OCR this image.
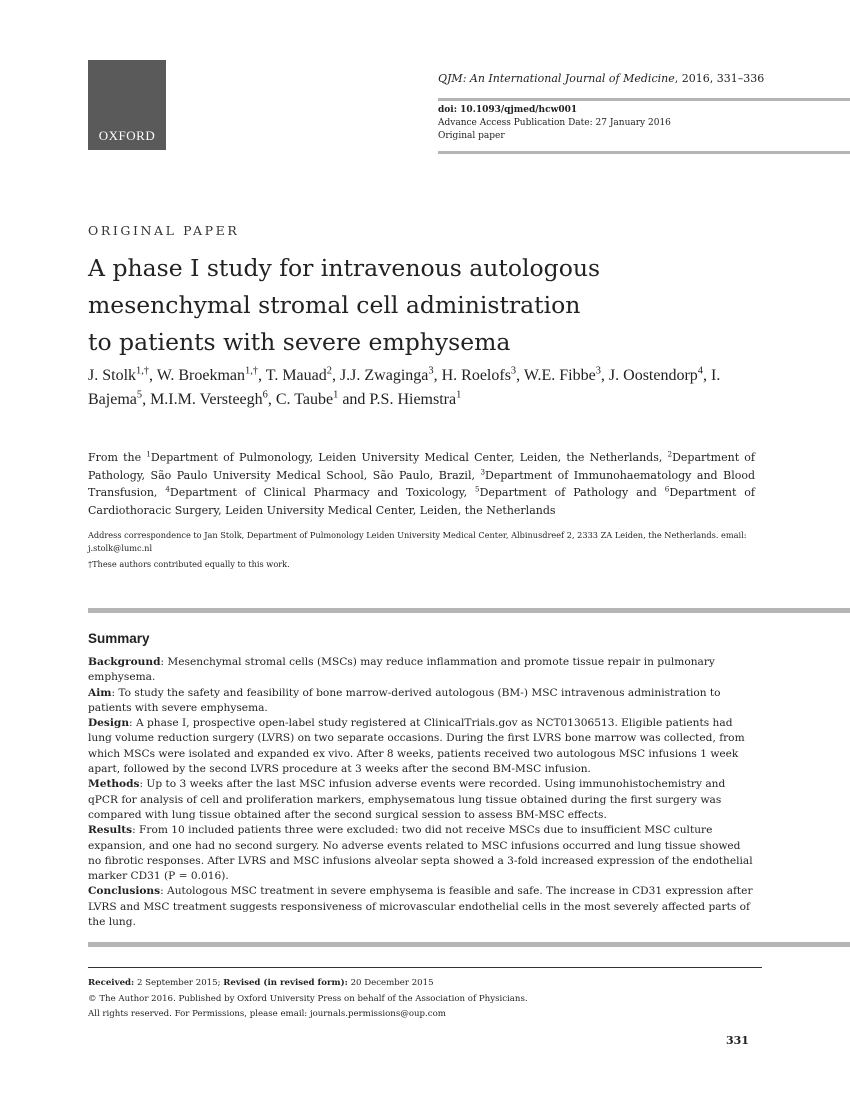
OXFORD
QJM: An International Journal of Medicine, 2016, 331–336
doi: 10.1093/qjmed/hcw001
Advance Access Publication Date: 27 January 2016
Original paper
ORIGINAL PAPER
A phase I study for intravenous autologous
mesenchymal stromal cell administration
to patients with severe emphysema
J. Stolk$^{1,\dagger}$, W. Broekman$^{1,\dagger}$, T. Mauad$^2$, J.J. Zwaginga$^3$, H. Roelofs$^3$, W.E. Fibbe$^3$, J. Oostendorp$^4$, I. Bajema$^5$, M.I.M. Versteegh$^6$, C. Taube$^1$ and P.S. Hiemstra$^1$
From the $^1$Department of Pulmonology, Leiden University Medical Center, Leiden, the Netherlands, $^2$Department of Pathology, São Paulo University Medical School, São Paulo, Brazil, $^3$Department of Immunohaematology and Blood Transfusion, $^4$Department of Clinical Pharmacy and Toxicology, $^5$Department of Pathology and $^6$Department of Cardiothoracic Surgery, Leiden University Medical Center, Leiden, the Netherlands
Address correspondence to Jan Stolk, Department of Pulmonology Leiden University Medical Center, Albinusdreef 2, 2333 ZA Leiden, the Netherlands. email: j.stolk@lumc.nl
†These authors contributed equally to this work.
Summary

Background: Mesenchymal stromal cells (MSCs) may reduce inflammation and promote tissue repair in pulmonary emphysema.

Aim: To study the safety and feasibility of bone marrow-derived autologous (BM-) MSC intravenous administration to patients with severe emphysema.

Design: A phase I, prospective open-label study registered at ClinicalTrials.gov as NCT01306513. Eligible patients had lung volume reduction surgery (LVRS) on two separate occasions. During the first LVRS bone marrow was collected, from which MSCs were isolated and expanded ex vivo. After 8 weeks, patients received two autologous MSC infusions 1 week apart, followed by the second LVRS procedure at 3 weeks after the second BM-MSC infusion.

Methods: Up to 3 weeks after the last MSC infusion adverse events were recorded. Using immunohistochemistry and qPCR for analysis of cell and proliferation markers, emphysematous lung tissue obtained during the first surgery was compared with lung tissue obtained after the second surgical session to assess BM-MSC effects.

Results: From 10 included patients three were excluded: two did not receive MSCs due to insufficient MSC culture expansion, and one had no second surgery. No adverse events related to MSC infusions occurred and lung tissue showed no fibrotic responses. After LVRS and MSC infusions alveolar septa showed a 3-fold increased expression of the endothelial marker CD31 (P = 0.016).

Conclusions: Autologous MSC treatment in severe emphysema is feasible and safe. The increase in CD31 expression after LVRS and MSC treatment suggests responsiveness of microvascular endothelial cells in the most severely affected parts of the lung.

Received: 2 September 2015; Revised (in revised form): 20 December 2015
© The Author 2016. Published by Oxford University Press on behalf of the Association of Physicians.
All rights reserved. For Permissions, please email: journals.permissions@oup.com
331
